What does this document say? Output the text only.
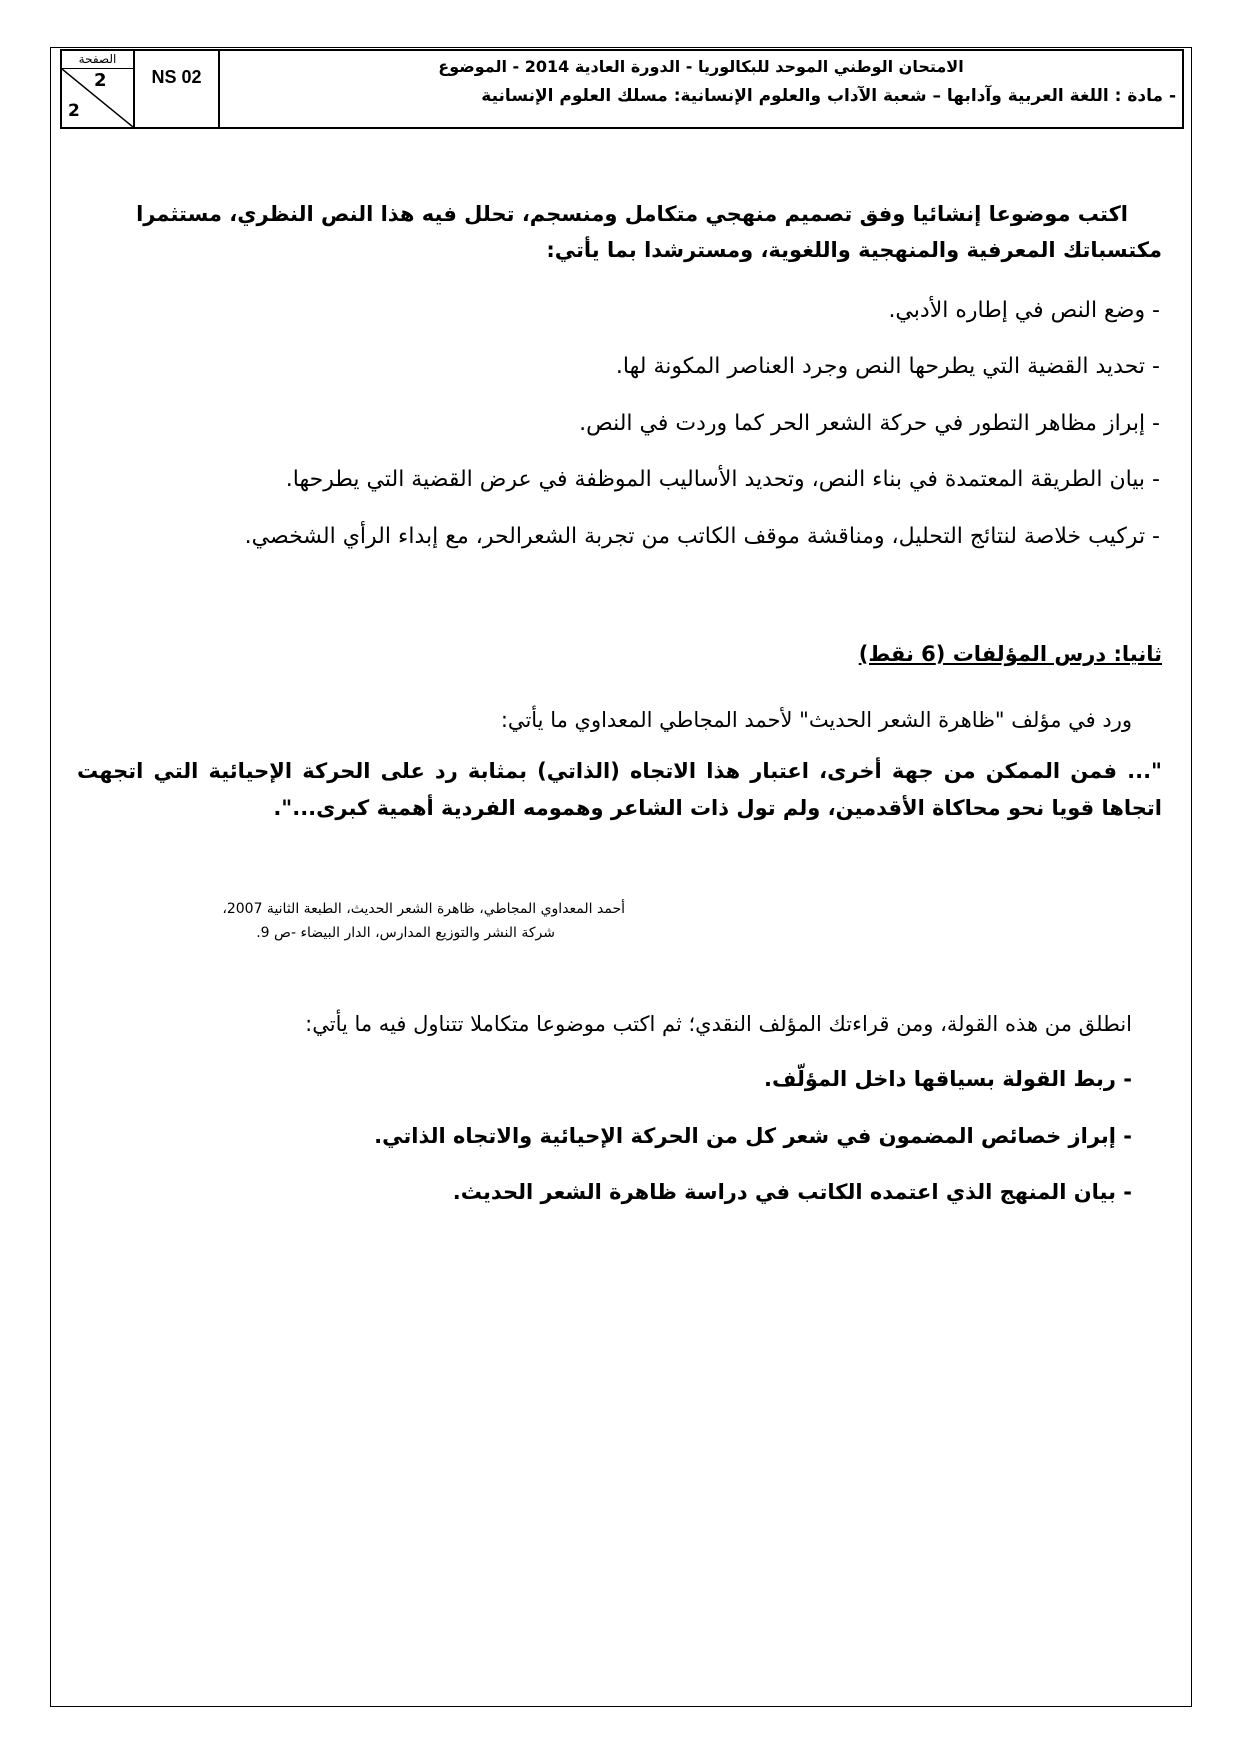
الصفحة
2
2
NS 02
الامتحان الوطني الموحد للبكالوريا - الدورة العادية 2014 - الموضوع
- مادة : اللغة العربية وآدابها – شعبة الآداب والعلوم الإنسانية: مسلك العلوم الإنسانية
اكتب موضوعا إنشائيا وفق تصميم منهجي متكامل ومنسجم، تحلل فيه هذا النص النظري، مستثمرا
مكتسباتك المعرفية والمنهجية واللغوية، ومسترشدا بما يأتي:
- وضع النص في إطاره الأدبي.
- تحديد القضية التي يطرحها النص وجرد العناصر المكونة لها.
- إبراز مظاهر التطور في حركة الشعر الحر كما وردت في النص.
- بيان الطريقة المعتمدة في بناء النص، وتحديد الأساليب الموظفة في عرض القضية التي يطرحها.
- تركيب خلاصة لنتائج التحليل، ومناقشة موقف الكاتب من تجربة الشعرالحر، مع إبداء الرأي الشخصي.
ثانيا: درس المؤلفات (6 نقط)
ورد في مؤلف "ظاهرة الشعر الحديث" لأحمد المجاطي المعداوي ما يأتي:
"... فمن الممكن من جهة أخرى، اعتبار هذا الاتجاه (الذاتي) بمثابة رد على الحركة الإحيائية التي اتجهت اتجاها قويا نحو محاكاة الأقدمين، ولم تول ذات الشاعر وهمومه الفردية أهمية كبرى...".
أحمد المعداوي المجاطي، ظاهرة الشعر الحديث، الطبعة الثانية 2007،
شركة النشر والتوزيع المدارس، الدار البيضاء -ص 9.
انطلق من هذه القولة، ومن قراءتك المؤلف النقدي؛ ثم اكتب موضوعا متكاملا تتناول فيه ما يأتي:
- ربط القولة بسياقها داخل المؤلّف.
- إبراز خصائص المضمون في شعر كل من الحركة الإحيائية والاتجاه الذاتي.
- بيان المنهج الذي اعتمده الكاتب في دراسة ظاهرة الشعر الحديث.
